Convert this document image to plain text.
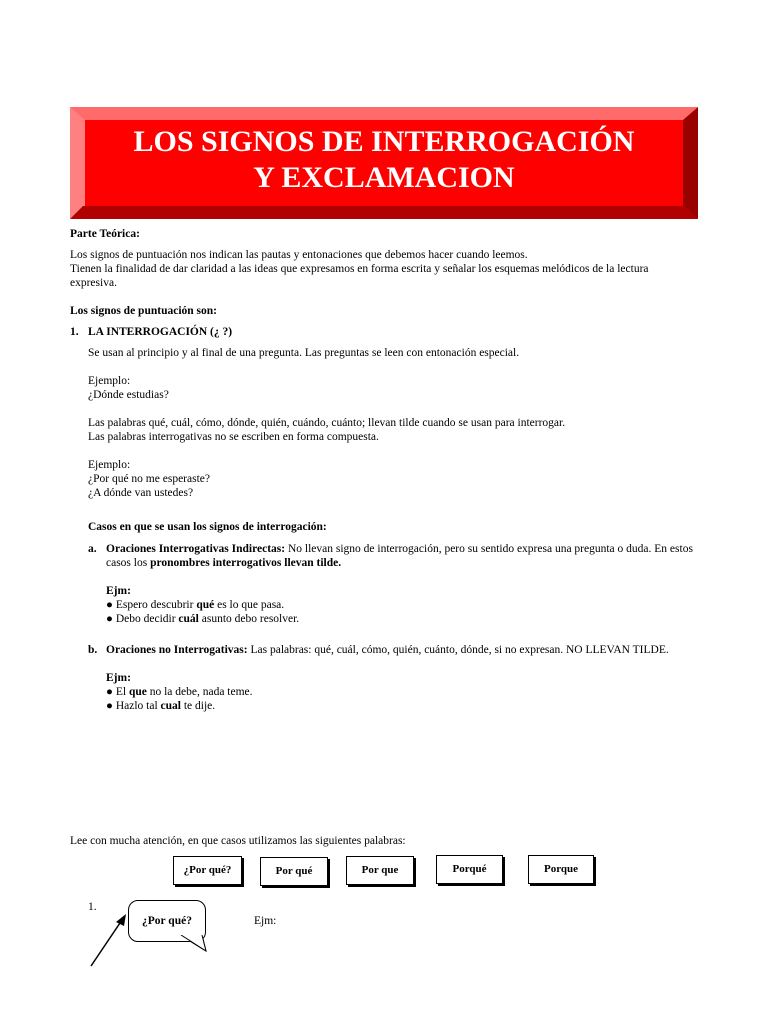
LOS SIGNOS DE INTERROGACIÓN
Y EXCLAMACION
Parte Teórica:

Los signos de puntuación nos indican las pautas y entonaciones que debemos hacer cuando leemos.

Tienen la finalidad de dar claridad a las ideas que expresamos en forma escrita y señalar los esquemas melódicos de la lectura expresiva.

Los signos de puntuación son:
1. LA INTERROGACIÓN (¿ ?)
Se usan al principio y al final de una pregunta. Las preguntas se leen con entonación especial.

Ejemplo:

¿Dónde estudias?

Las palabras qué, cuál, cómo, dónde, quién, cuándo, cuánto; llevan tilde cuando se usan para interrogar.

Las palabras interrogativas no se escriben en forma compuesta.

Ejemplo:

¿Por qué no me esperaste?

¿A dónde van ustedes?

Casos en que se usan los signos de interrogación:
a. Oraciones Interrogativas Indirectas: No llevan signo de interrogación, pero su sentido expresa una pregunta o duda. En estos casos los pronombres interrogativos llevan tilde.

Ejm:

● Espero descubrir qué es lo que pasa.

● Debo decidir cuál asunto debo resolver.

b. Oraciones no Interrogativas: Las palabras: qué, cuál, cómo, quién, cuánto, dónde, si no expresan. NO LLEVAN TILDE.

Ejm:

● El que no la debe, nada teme.

● Hazlo tal cual te dije.

Lee con mucha atención, en que casos utilizamos las siguientes palabras:
¿Por qué?	Por qué	Por que	Porqué	Porque
1.
¿Por qué?	Ejm:
